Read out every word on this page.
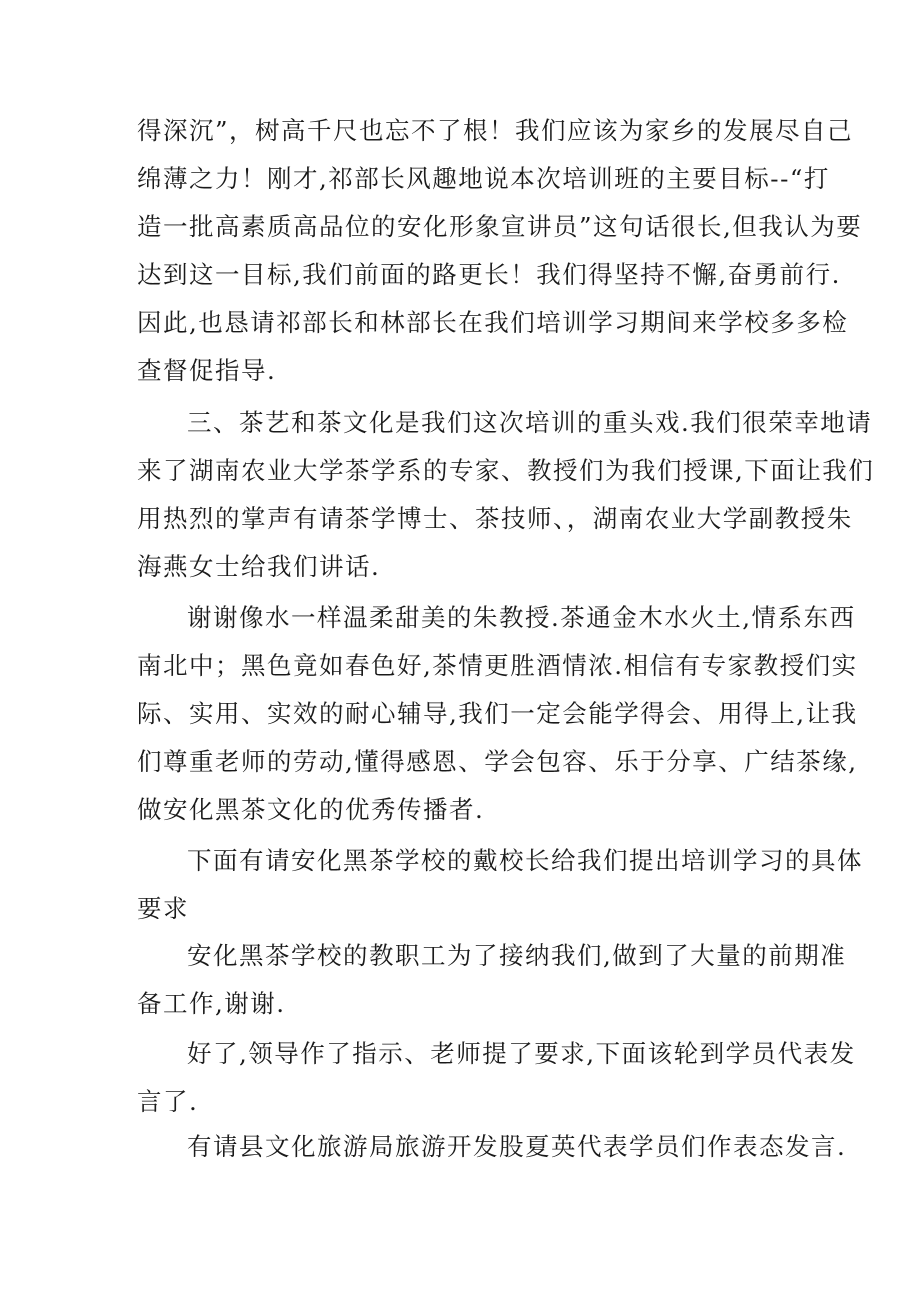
得深沉”，树高千尺也忘不了根！我们应该为家乡的发展尽自己
绵薄之力！刚才,祁部长风趣地说本次培训班的主要目标--“打
造一批高素质高品位的安化形象宣讲员”这句话很长,但我认为要
达到这一目标,我们前面的路更长！我们得坚持不懈,奋勇前行.
因此,也恳请祁部长和林部长在我们培训学习期间来学校多多检
查督促指导.
三、茶艺和茶文化是我们这次培训的重头戏.我们很荣幸地请
来了湖南农业大学茶学系的专家、教授们为我们授课,下面让我们
用热烈的掌声有请茶学博士、茶技师、，湖南农业大学副教授朱
海燕女士给我们讲话.
谢谢像水一样温柔甜美的朱教授.茶通金木水火土,情系东西
南北中；黑色竟如春色好,茶情更胜酒情浓.相信有专家教授们实
际、实用、实效的耐心辅导,我们一定会能学得会、用得上,让我
们尊重老师的劳动,懂得感恩、学会包容、乐于分享、广结茶缘,
做安化黑茶文化的优秀传播者.
下面有请安化黑茶学校的戴校长给我们提出培训学习的具体
要求
安化黑茶学校的教职工为了接纳我们,做到了大量的前期准
备工作,谢谢.
好了,领导作了指示、老师提了要求,下面该轮到学员代表发
言了.
有请县文化旅游局旅游开发股夏英代表学员们作表态发言.
